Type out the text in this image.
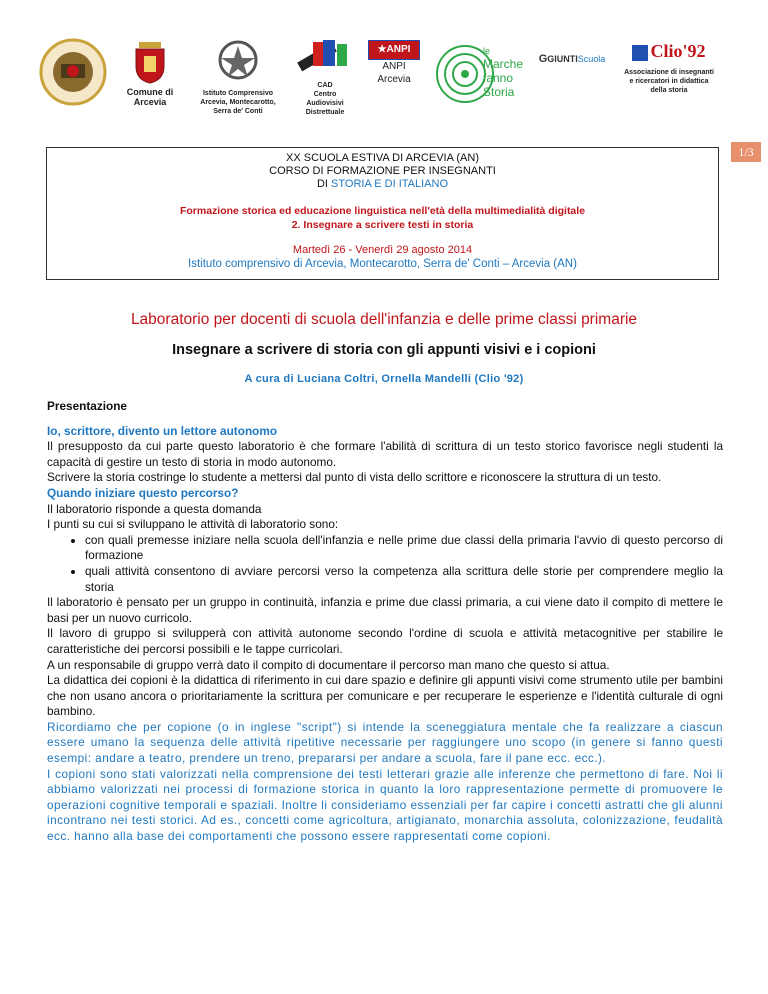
Comune di
Arcevia
Istituto Comprensivo
Arcevia, Montecarotto,
Serra de' Conti
CAD
Centro
Audiovisivi
Distrettuale
★ANPI
ANPI
Arcevia
le
Marche
fanno
Storia
GGIUNTIScuola	Clio'92
Associazione di insegnanti
e ricercatori in didattica
della storia
1/3
XX SCUOLA ESTIVA DI ARCEVIA (AN)
CORSO DI FORMAZIONE PER INSEGNANTI
DI STORIA E DI ITALIANO
Formazione storica ed educazione linguistica nell'età della multimedialità digitale
2. Insegnare a scrivere testi in storia
Martedì 26 - Venerdì 29 agosto 2014
Istituto comprensivo di Arcevia, Montecarotto, Serra de' Conti – Arcevia (AN)
Laboratorio per docenti di scuola dell'infanzia e delle prime classi primarie
Insegnare a scrivere di storia con gli appunti visivi e i copioni
A cura di Luciana Coltri, Ornella Mandelli (Clio '92)

Presentazione

Io, scrittore, divento un lettore autonomo

Il presupposto da cui parte questo laboratorio è che formare l'abilità di scrittura di un testo storico favorisce negli studenti la capacità di gestire un testo di storia in modo autonomo.

Scrivere la storia costringe lo studente a mettersi dal punto di vista dello scrittore e riconoscere la struttura di un testo.

Quando iniziare questo percorso?

Il laboratorio risponde a questa domanda

I punti su cui si sviluppano le attività di laboratorio sono:

• con quali premesse iniziare nella scuola dell'infanzia e nelle prime due classi della primaria l'avvio di questo percorso di formazione
• quali attività consentono di avviare percorsi verso la competenza alla scrittura delle storie per comprendere meglio la storia

Il laboratorio è pensato per un gruppo in continuità, infanzia e prime due classi primaria, a cui viene dato il compito di mettere le basi per un nuovo curricolo.

Il lavoro di gruppo si svilupperà con attività autonome secondo l'ordine di scuola e attività metacognitive per stabilire le caratteristiche dei percorsi possibili e le tappe curricolari.

A un responsabile di gruppo verrà dato il compito di documentare il percorso man mano che questo si attua.

La didattica dei copioni è la didattica di riferimento in cui dare spazio e definire gli appunti visivi come strumento utile per bambini che non usano ancora o prioritariamente la scrittura per comunicare e per recuperare le esperienze e l'identità culturale di ogni bambino.

Ricordiamo che per copione (o in inglese "script") si intende la sceneggiatura mentale che fa realizzare a ciascun essere umano la sequenza delle attività ripetitive necessarie per raggiungere uno scopo (in genere si fanno questi esempi: andare a teatro, prendere un treno, prepararsi per andare a scuola, fare il pane ecc. ecc.).

I copioni sono stati valorizzati nella comprensione dei testi letterari grazie alle inferenze che permettono di fare. Noi li abbiamo valorizzati nei processi di formazione storica in quanto la loro rappresentazione permette di promuovere le operazioni cognitive temporali e spaziali. Inoltre li consideriamo essenziali per far capire i concetti astratti che gli alunni incontrano nei testi storici. Ad es., concetti come agricoltura, artigianato, monarchia assoluta, colonizzazione, feudalità ecc. hanno alla base dei comportamenti che possono essere rappresentati come copioni.
